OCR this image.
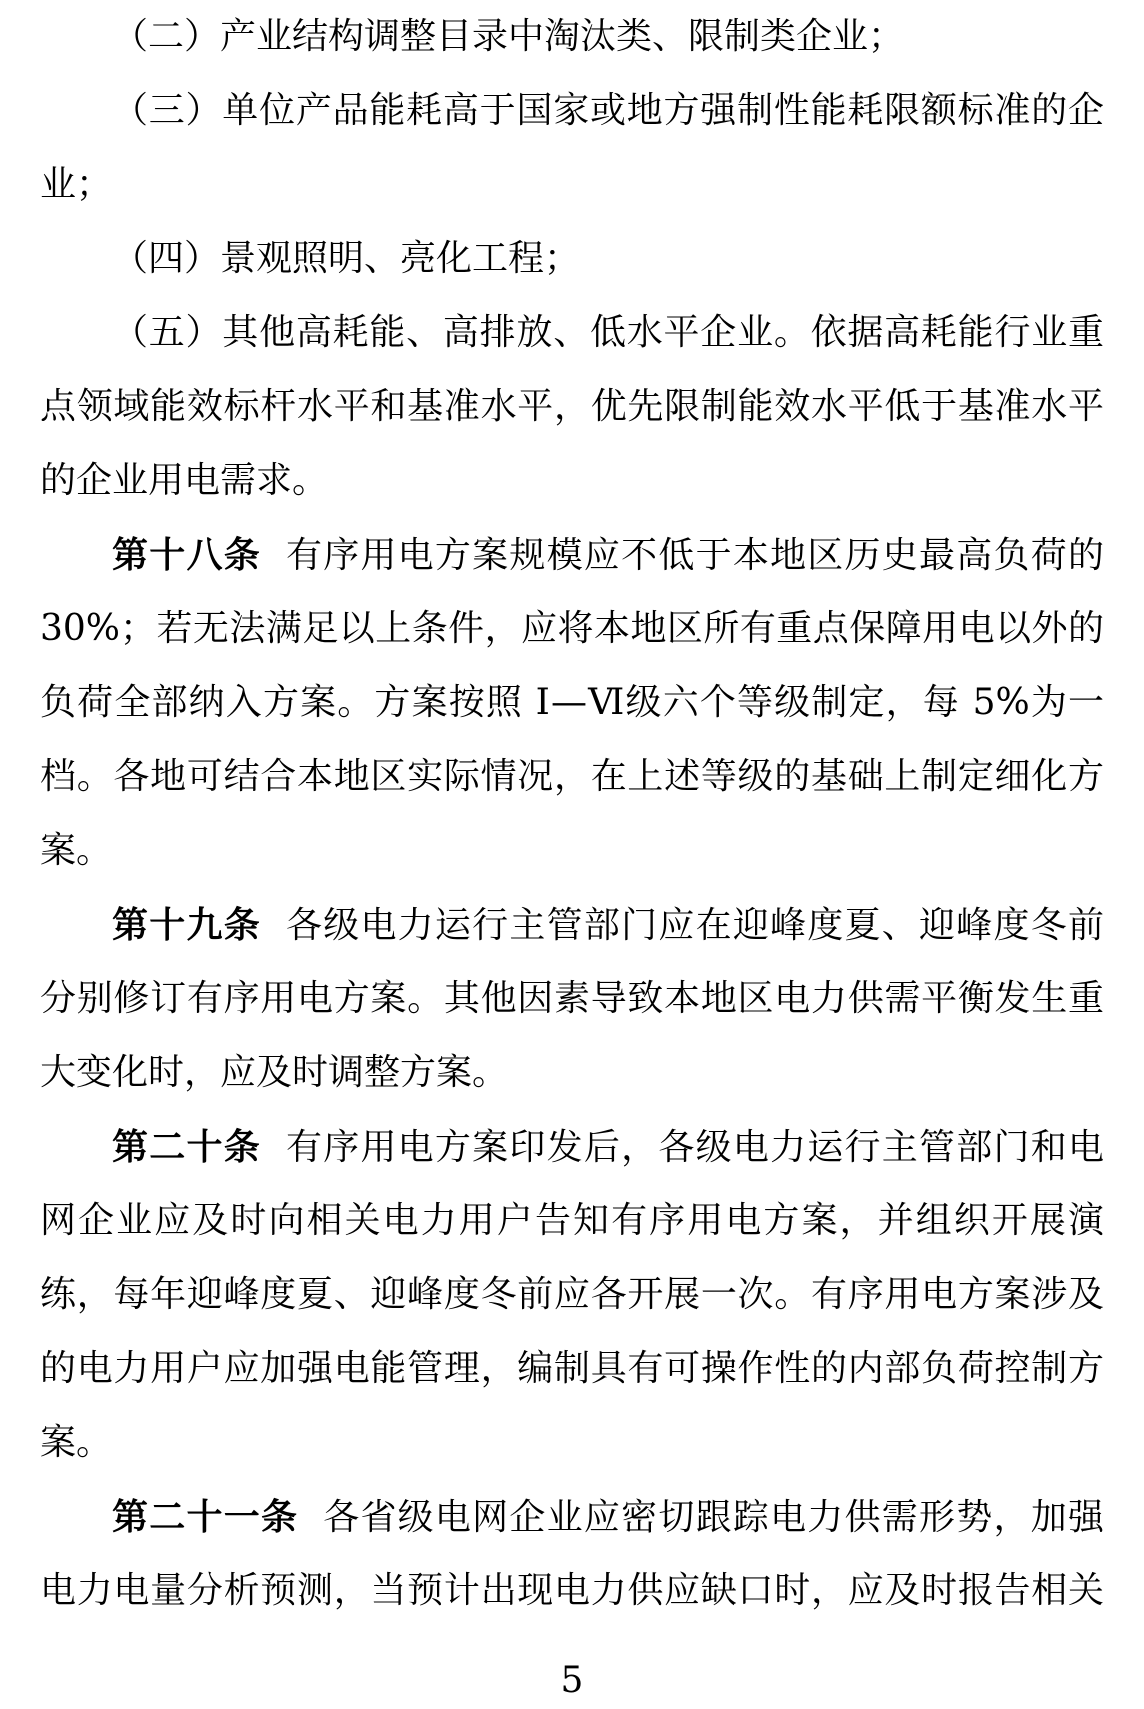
（二）产业结构调整目录中淘汰类、限制类企业；
（三）单位产品能耗高于国家或地方强制性能耗限额标准的企
业；
（四）景观照明、亮化工程；
（五）其他高耗能、高排放、低水平企业。依据高耗能行业重
点领域能效标杆水平和基准水平，优先限制能效水平低于基准水平
的企业用电需求。
第十八条 有序用电方案规模应不低于本地区历史最高负荷的
30%；若无法满足以上条件，应将本地区所有重点保障用电以外的
负荷全部纳入方案。方案按照 Ⅰ—Ⅵ级六个等级制定，每 5%为一
档。各地可结合本地区实际情况，在上述等级的基础上制定细化方
案。
第十九条 各级电力运行主管部门应在迎峰度夏、迎峰度冬前
分别修订有序用电方案。其他因素导致本地区电力供需平衡发生重
大变化时，应及时调整方案。
第二十条 有序用电方案印发后，各级电力运行主管部门和电
网企业应及时向相关电力用户告知有序用电方案，并组织开展演
练，每年迎峰度夏、迎峰度冬前应各开展一次。有序用电方案涉及
的电力用户应加强电能管理，编制具有可操作性的内部负荷控制方
案。
第二十一条 各省级电网企业应密切跟踪电力供需形势，加强
电力电量分析预测，当预计出现电力供应缺口时，应及时报告相关
5
